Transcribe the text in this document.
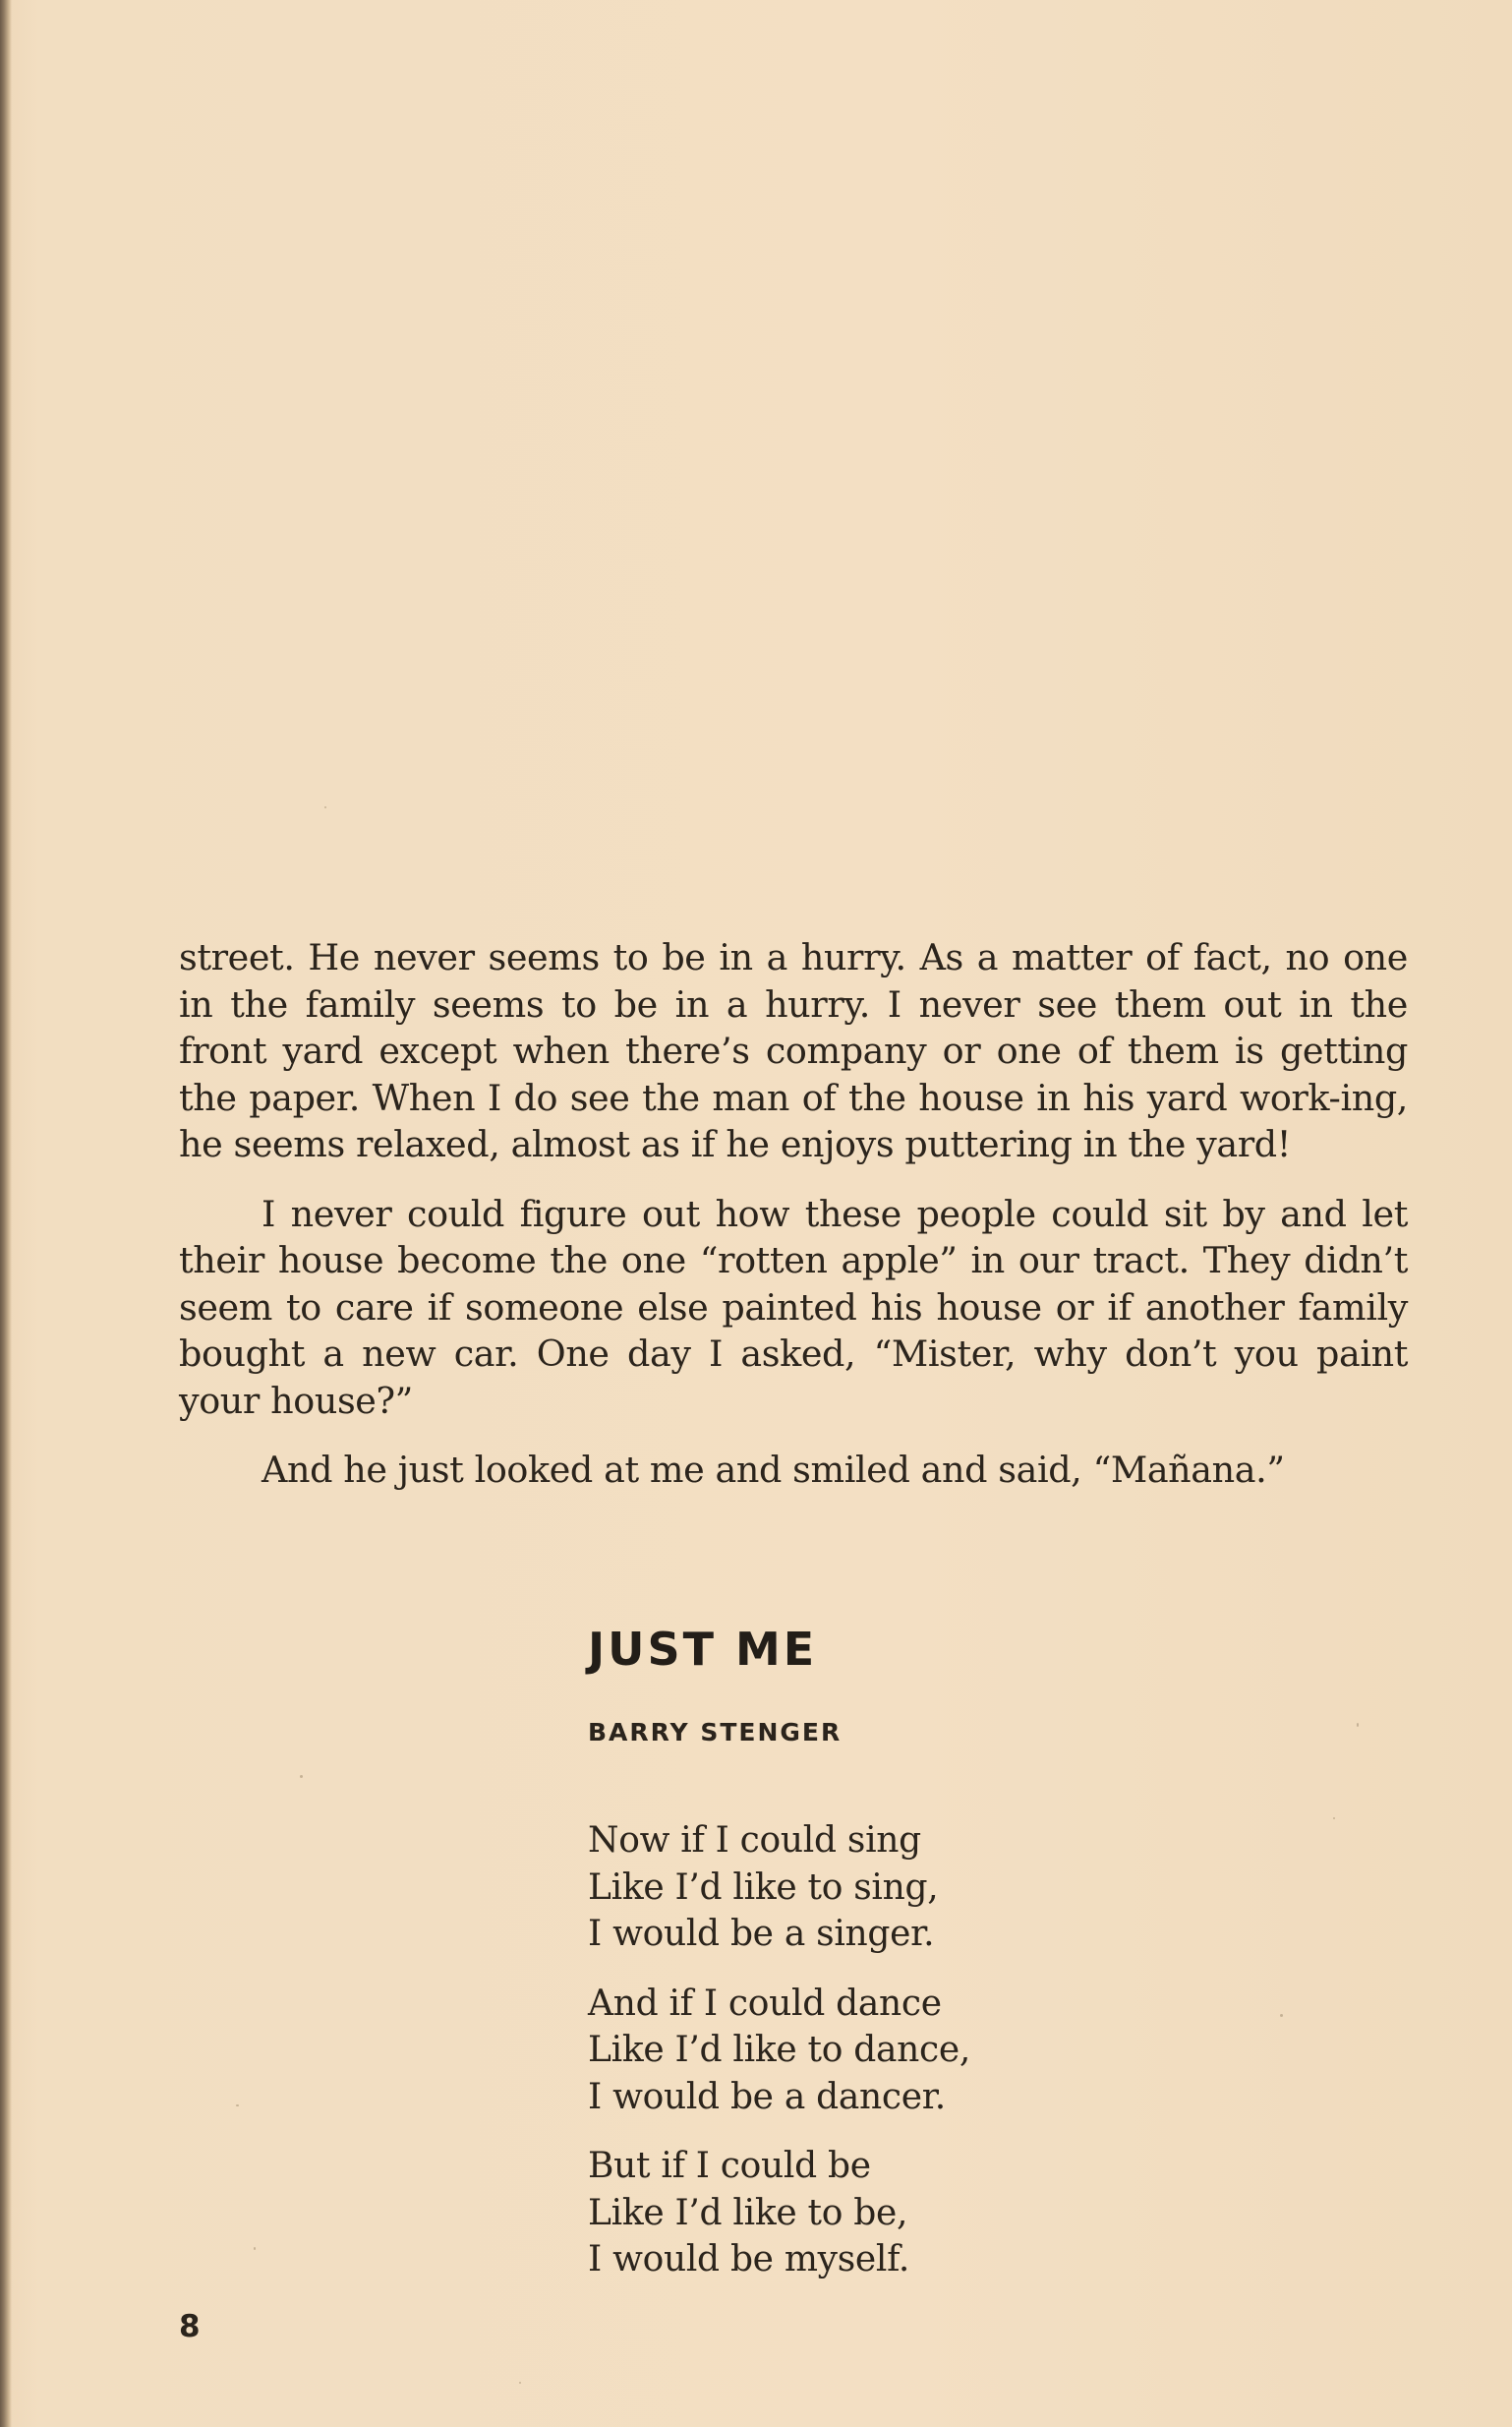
street. He never seems to be in a hurry. As a matter of fact, no one in the family seems to be in a hurry. I never see them out in the front yard except when there’s company or one of them is getting the paper. When I do see the man of the house in his yard work-ing, he seems relaxed, almost as if he enjoys puttering in the yard!

I never could figure out how these people could sit by and let their house become the one “rotten apple” in our tract. They didn’t seem to care if someone else painted his house or if another family bought a new car. One day I asked, “Mister, why don’t you paint your house?”

And he just looked at me and smiled and said, “Mañana.”

JUST ME
BARRY STENGER
Now if I could sing
Like I’d like to sing,
I would be a singer.
And if I could dance
Like I’d like to dance,
I would be a dancer.
But if I could be
Like I’d like to be,
I would be myself.
8
